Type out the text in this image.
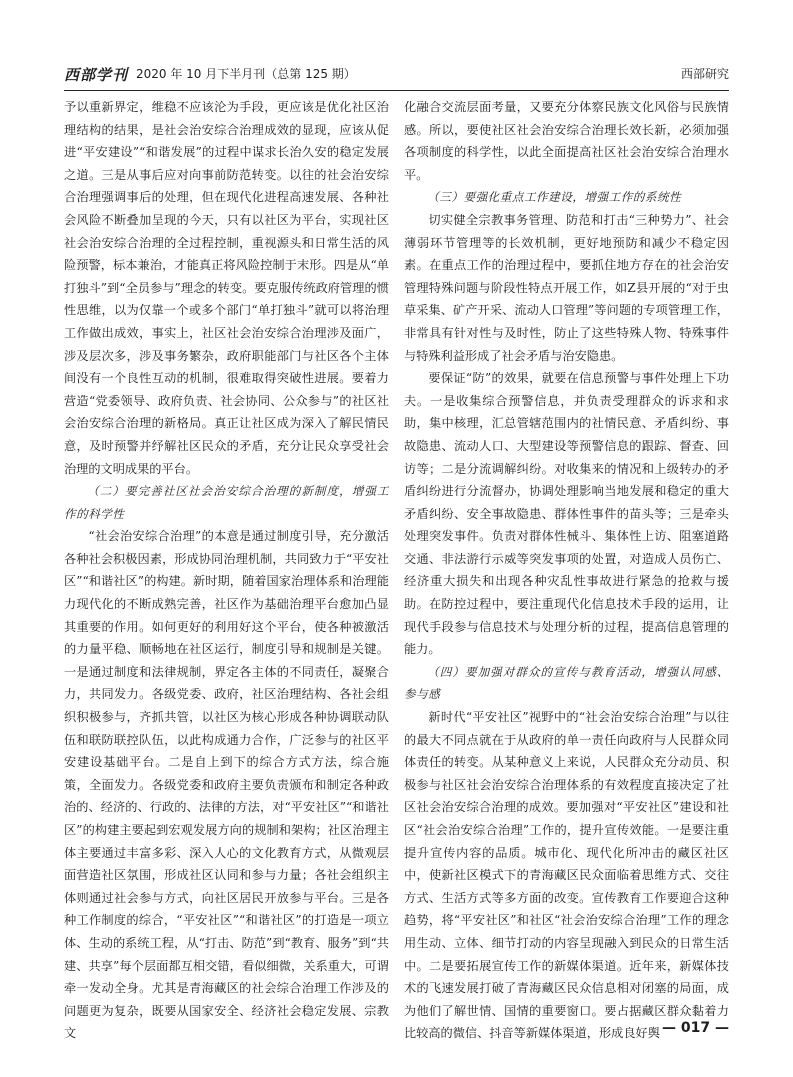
西部学刊 2020 年 10 月下半月刊（总第 125 期）	西部研究

予以重新界定，维稳不应该沦为手段，更应该是优化社区治理结构的结果，是社会治安综合治理成效的显现，应该从促进“平安建设”“和谐发展”的过程中谋求长治久安的稳定发展之道。三是从事后应对向事前防范转变。以往的社会治安综合治理强调事后的处理，但在现代化进程高速发展、各种社会风险不断叠加呈现的今天，只有以社区为平台，实现社区社会治安综合治理的全过程控制，重视源头和日常生活的风险预警，标本兼治，才能真正将风险控制于末形。四是从“单打独斗”到“全员参与”理念的转变。要克服传统政府管理的惯性思维，以为仅靠一个或多个部门“单打独斗”就可以将治理工作做出成效，事实上，社区社会治安综合治理涉及面广，涉及层次多，涉及事务繁杂，政府职能部门与社区各个主体间没有一个良性互动的机制，很难取得突破性进展。要着力营造“党委领导、政府负责、社会协同、公众参与”的社区社会治安综合治理的新格局。真正让社区成为深入了解民情民意，及时预警并纾解社区民众的矛盾，充分让民众享受社会治理的文明成果的平台。

（二）要完善社区社会治安综合治理的新制度，增强工作的科学性

“社会治安综合治理”的本意是通过制度引导，充分激活各种社会积极因素，形成协同治理机制，共同致力于“平安社区”“和谐社区”的构建。新时期，随着国家治理体系和治理能力现代化的不断成熟完善，社区作为基础治理平台愈加凸显其重要的作用。如何更好的利用好这个平台，使各种被激活的力量平稳、顺畅地在社区运行，制度引导和规制是关键。一是通过制度和法律规制，界定各主体的不同责任，凝聚合力，共同发力。各级党委、政府，社区治理结构、各社会组织积极参与，齐抓共管，以社区为核心形成各种协调联动队伍和联防联控队伍，以此构成通力合作，广泛参与的社区平安建设基础平台。二是自上到下的综合方式方法，综合施策，全面发力。各级党委和政府主要负责颁布和制定各种政治的、经济的、行政的、法律的方法，对“平安社区”“和谐社区”的构建主要起到宏观发展方向的规制和架构；社区治理主体主要通过丰富多彩、深入人心的文化教育方式，从微观层面营造社区氛围，形成社区认同和参与力量；各社会组织主体则通过社会参与方式，向社区居民开放参与平台。三是各种工作制度的综合，“平安社区”“和谐社区”的打造是一项立体、生动的系统工程，从“打击、防范”到“教育、服务”到“共建、共享”每个层面都互相交错，看似细微，关系重大，可谓牵一发动全身。尤其是青海藏区的社会综合治理工作涉及的问题更为复杂，既要从国家安全、经济社会稳定发展、宗教文

化融合交流层面考量，又要充分体察民族文化风俗与民族情感。所以，要使社区社会治安综合治理长效长新，必须加强各项制度的科学性，以此全面提高社区社会治安综合治理水平。

（三）要强化重点工作建设，增强工作的系统性

切实健全宗教事务管理、防范和打击“三种势力”、社会薄弱环节管理等的长效机制，更好地预防和减少不稳定因素。在重点工作的治理过程中，要抓住地方存在的社会治安管理特殊问题与阶段性特点开展工作，如Z县开展的“对于虫草采集、矿产开采、流动人口管理”等问题的专项管理工作，非常具有针对性与及时性，防止了这些特殊人物、特殊事件与特殊利益形成了社会矛盾与治安隐患。

要保证“防”的效果，就要在信息预警与事件处理上下功夫。一是收集综合预警信息，并负责受理群众的诉求和求助，集中核理，汇总管辖范围内的社情民意、矛盾纠纷、事故隐患、流动人口、大型建设等预警信息的跟踪、督查、回访等；二是分流调解纠纷。对收集来的情况和上级转办的矛盾纠纷进行分流督办，协调处理影响当地发展和稳定的重大矛盾纠纷、安全事故隐患、群体性事件的苗头等；三是牵头处理突发事件。负责对群体性械斗、集体性上访、阻塞道路交通、非法游行示威等突发事项的处置，对造成人员伤亡、经济重大损失和出现各种灾乱性事故进行紧急的抢救与援助。在防控过程中，要注重现代化信息技术手段的运用，让现代手段参与信息技术与处理分析的过程，提高信息管理的能力。

（四）要加强对群众的宣传与教育活动，增强认同感、参与感

新时代“平安社区”视野中的“社会治安综合治理”与以往的最大不同点就在于从政府的单一责任向政府与人民群众同体责任的转变。从某种意义上来说，人民群众充分动员、积极参与社区社会治安综合治理体系的有效程度直接决定了社区社会治安综合治理的成效。要加强对“平安社区”建设和社区“社会治安综合治理”工作的，提升宣传效能。一是要注重提升宣传内容的品质。城市化、现代化所冲击的藏区社区中，使新社区模式下的青海藏区民众面临着思维方式、交往方式、生活方式等多方面的改变。宣传教育工作要迎合这种趋势，将“平安社区”和社区“社会治安综合治理”工作的理念用生动、立体、细节打动的内容呈现融入到民众的日常生活中。二是要拓展宣传工作的新媒体渠道。近年来，新媒体技术的飞速发展打破了青海藏区民众信息相对闭塞的局面，成为他们了解世情、国情的重要窗口。要占据藏区群众黏着力比较高的微信、抖音等新媒体渠道，形成良好舆 — 017 —
